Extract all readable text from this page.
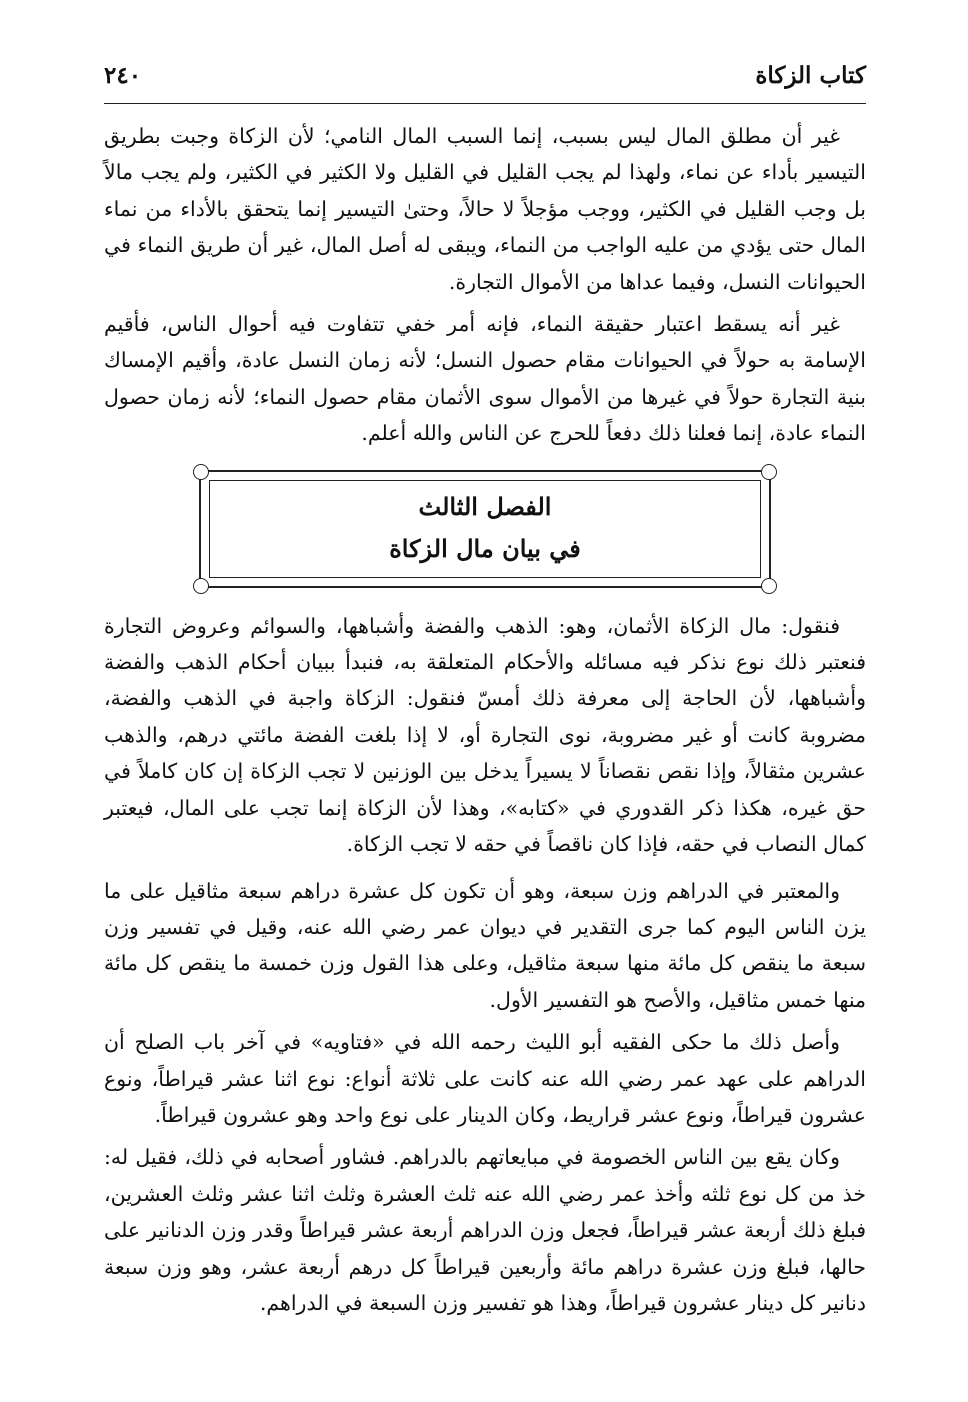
كتاب الزكاة
٢٤٠

غير أن مطلق المال ليس بسبب، إنما السبب المال النامي؛ لأن الزكاة وجبت بطريق التيسير بأداء عن نماء، ولهذا لم يجب القليل في القليل ولا الكثير في الكثير، ولم يجب مالاً بل وجب القليل في الكثير، ووجب مؤجلاً لا حالاً، وحتىٰ التيسير إنما يتحقق بالأداء من نماء المال حتى يؤدي من عليه الواجب من النماء، ويبقى له أصل المال، غير أن طريق النماء في الحيوانات النسل، وفيما عداها من الأموال التجارة.

غير أنه يسقط اعتبار حقيقة النماء، فإنه أمر خفي تتفاوت فيه أحوال الناس، فأقيم الإسامة به حولاً في الحيوانات مقام حصول النسل؛ لأنه زمان النسل عادة، وأقيم الإمساك بنية التجارة حولاً في غيرها من الأموال سوى الأثمان مقام حصول النماء؛ لأنه زمان حصول النماء عادة، إنما فعلنا ذلك دفعاً للحرج عن الناس والله أعلم.

الفصل الثالث
في بيان مال الزكاة

فنقول: مال الزكاة الأثمان، وهو: الذهب والفضة وأشباهها، والسوائم وعروض التجارة فنعتبر ذلك نوع نذكر فيه مسائله والأحكام المتعلقة به، فنبدأ ببيان أحكام الذهب والفضة وأشباهها، لأن الحاجة إلى معرفة ذلك أمسّ فنقول: الزكاة واجبة في الذهب والفضة، مضروبة كانت أو غير مضروبة، نوى التجارة أو، لا إذا بلغت الفضة مائتي درهم، والذهب عشرين مثقالاً، وإذا نقص نقصاناً لا يسيراً يدخل بين الوزنين لا تجب الزكاة إن كان كاملاً في حق غيره، هكذا ذكر القدوري في «كتابه»، وهذا لأن الزكاة إنما تجب على المال، فيعتبر كمال النصاب في حقه، فإذا كان ناقصاً في حقه لا تجب الزكاة.

والمعتبر في الدراهم وزن سبعة، وهو أن تكون كل عشرة دراهم سبعة مثاقيل على ما يزن الناس اليوم كما جرى التقدير في ديوان عمر رضي الله عنه، وقيل في تفسير وزن سبعة ما ينقص كل مائة منها سبعة مثاقيل، وعلى هذا القول وزن خمسة ما ينقص كل مائة منها خمس مثاقيل، والأصح هو التفسير الأول.

وأصل ذلك ما حكى الفقيه أبو الليث رحمه الله في «فتاويه» في آخر باب الصلح أن الدراهم على عهد عمر رضي الله عنه كانت على ثلاثة أنواع: نوع اثنا عشر قيراطاً، ونوع عشرون قيراطاً، ونوع عشر قراريط، وكان الدينار على نوع واحد وهو عشرون قيراطاً.

وكان يقع بين الناس الخصومة في مبايعاتهم بالدراهم. فشاور أصحابه في ذلك، فقيل له: خذ من كل نوع ثلثه وأخذ عمر رضي الله عنه ثلث العشرة وثلث اثنا عشر وثلث العشرين، فبلغ ذلك أربعة عشر قيراطاً، فجعل وزن الدراهم أربعة عشر قيراطاً وقدر وزن الدنانير على حالها، فبلغ وزن عشرة دراهم مائة وأربعين قيراطاً كل درهم أربعة عشر، وهو وزن سبعة دنانير كل دينار عشرون قيراطاً، وهذا هو تفسير وزن السبعة في الدراهم.
